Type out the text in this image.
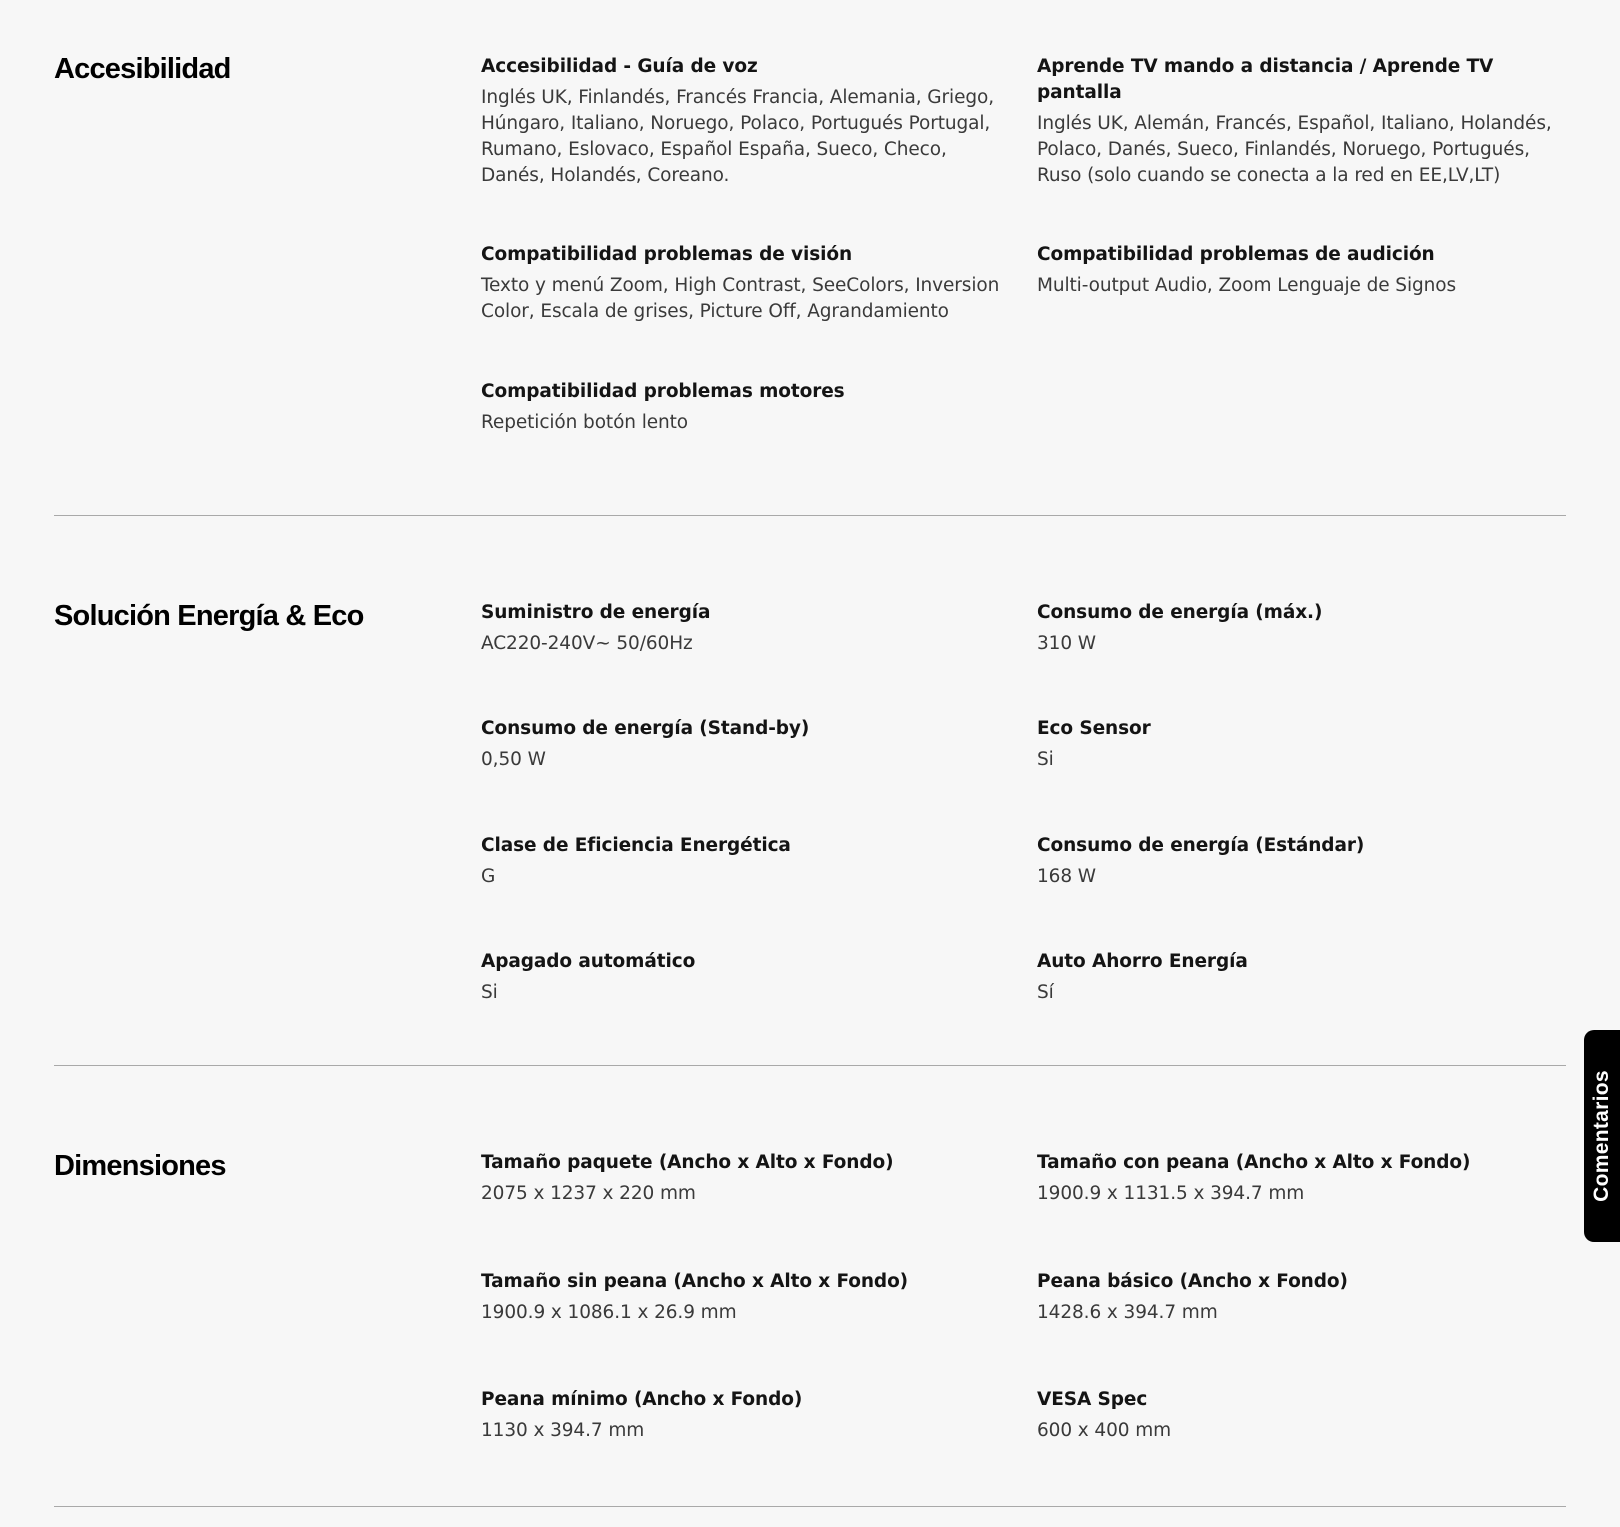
Accesibilidad	Accesibilidad - Guía de voz
Inglés UK, Finlandés, Francés Francia, Alemania, Griego, Húngaro, Italiano, Noruego, Polaco, Portugués Portugal, Rumano, Eslovaco, Español España, Sueco, Checo, Danés, Holandés, Coreano.
Aprende TV mando a distancia / Aprende TV pantalla
Inglés UK, Alemán, Francés, Español, Italiano, Holandés, Polaco, Danés, Sueco, Finlandés, Noruego, Portugués, Ruso (solo cuando se conecta a la red en EE,LV,LT)
Compatibilidad problemas de visión
Texto y menú Zoom, High Contrast, SeeColors, Inversion Color, Escala de grises, Picture Off, Agrandamiento
Compatibilidad problemas de audición
Multi-output Audio, Zoom Lenguaje de Signos
Compatibilidad problemas motores
Repetición botón lento
Solución Energía & Eco	Suministro de energía
AC220-240V~ 50/60Hz
Consumo de energía (máx.)
310 W
Consumo de energía (Stand-by)
0,50 W
Eco Sensor
Si
Clase de Eficiencia Energética
G
Consumo de energía (Estándar)
168 W
Apagado automático
Si
Auto Ahorro Energía
Sí
Dimensiones	Tamaño paquete (Ancho x Alto x Fondo)
2075 x 1237 x 220 mm
Tamaño con peana (Ancho x Alto x Fondo)
1900.9 x 1131.5 x 394.7 mm
Tamaño sin peana (Ancho x Alto x Fondo)
1900.9 x 1086.1 x 26.9 mm
Peana básico (Ancho x Fondo)
1428.6 x 394.7 mm
Peana mínimo (Ancho x Fondo)
1130 x 394.7 mm
VESA Spec
600 x 400 mm
Comentarios
